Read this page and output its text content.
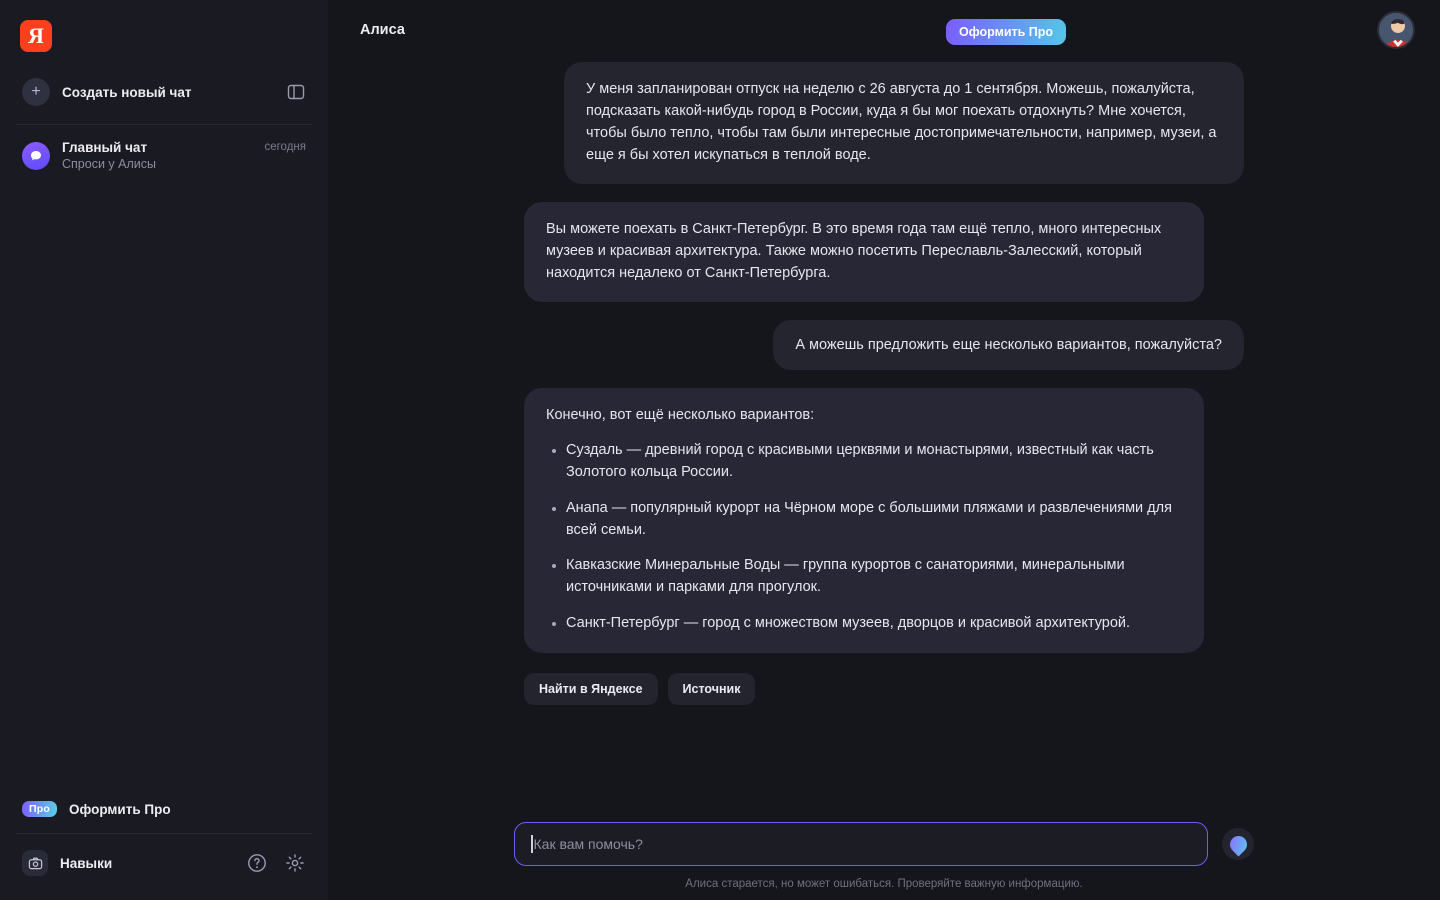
Я
+	Создать новый чат
Главный чат
Спроси у Алисы
сегодня
Про	Оформить Про
Навыки
Алиса	Оформить Про
У меня запланирован отпуск на неделю с 26 августа до 1 сентября. Можешь, пожалуйста, подсказать какой-нибудь город в России, куда я бы мог поехать отдохнуть? Мне хочется, чтобы было тепло, чтобы там были интересные достопримечательности, например, музеи, а еще я бы хотел искупаться в теплой воде.

Вы можете поехать в Санкт-Петербург. В это время года там ещё тепло, много интересных музеев и красивая архитектура. Также можно посетить Переславль-Залесский, который находится недалеко от Санкт-Петербурга.

А можешь предложить еще несколько вариантов, пожалуйста?

Конечно, вот ещё несколько вариантов:

Суздаль — древний город с красивыми церквями и монастырями, известный как часть Золотого кольца России.
Анапа — популярный курорт на Чёрном море с большими пляжами и развлечениями для всей семьи.
Кавказские Минеральные Воды — группа курортов с санаториями, минеральными источниками и парками для прогулок.
Санкт-Петербург — город с множеством музеев, дворцов и красивой архитектурой.
Найти в Яндексе	Источник
Как вам помочь?
Алиса старается, но может ошибаться. Проверяйте важную информацию.
